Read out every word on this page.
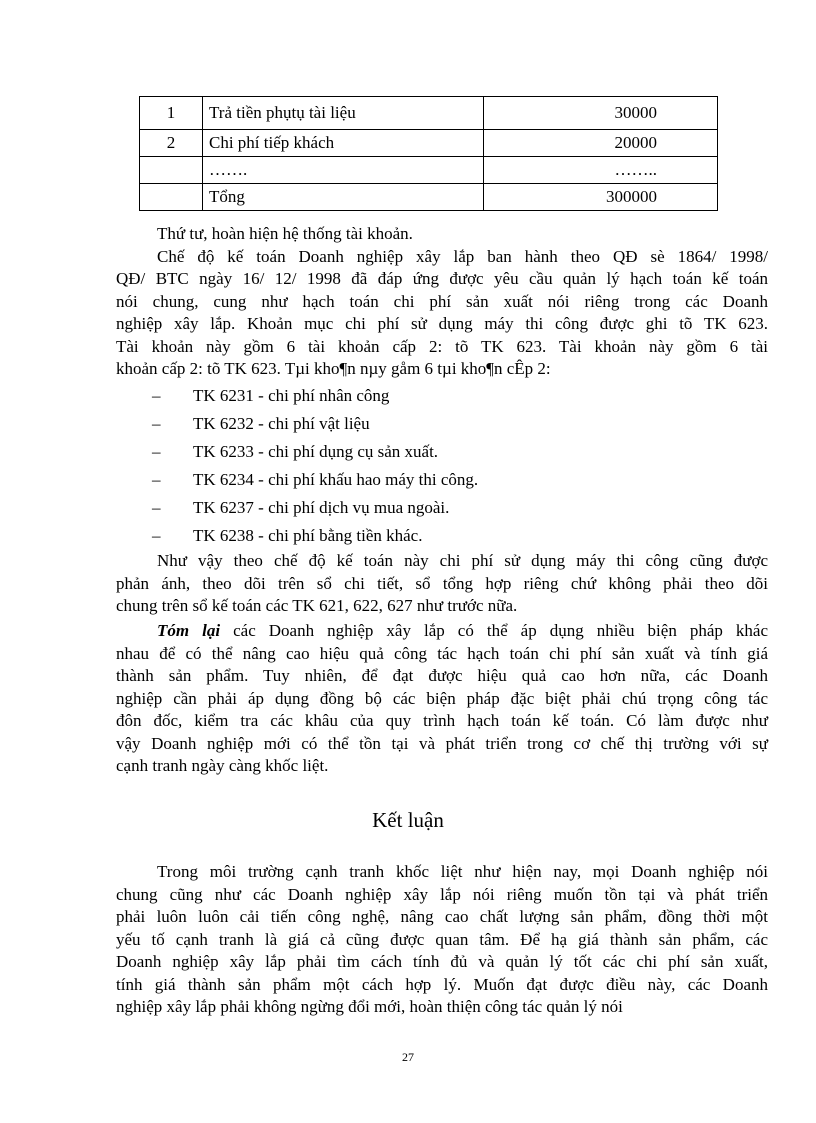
1	Trả tiền phụtụ tài liệu	30000
2	Chi phí tiếp khách	20000
	…….	……..
	Tổng	300000

Thứ tư, hoàn hiện hệ thống tài khoản.

Chế độ kế toán Doanh nghiệp xây lắp ban hành theo QĐ sè 1864/ 1998/

QĐ/ BTC ngày 16/ 12/ 1998 đã đáp ứng được yêu cầu quản lý hạch toán kế toán

nói chung, cung như hạch toán chi phí sản xuất nói riêng trong các Doanh

nghiệp xây lắp. Khoản mục chi phí sử dụng máy thi công được ghi tõ TK 623.

Tài khoản này gồm 6 tài khoản cấp 2: tõ TK 623. Tài khoản này gồm 6 tài

khoản cấp 2: tõ TK 623. Tµi kho¶n nµy gåm 6 tµi kho¶n cÊp 2:

– TK 6231 - chi phí nhân công
– TK 6232 - chi phí vật liệu
– TK 6233 - chi phí dụng cụ sản xuất.
– TK 6234 - chi phí khấu hao máy thi công.
– TK 6237 - chi phí dịch vụ mua ngoài.
– TK 6238 - chi phí bằng tiền khác.

Như vậy theo chế độ kế toán này chi phí sử dụng máy thi công cũng được

phản ánh, theo dõi trên sổ chi tiết, sổ tổng hợp riêng chứ không phải theo dõi

chung trên sổ kế toán các TK 621, 622, 627 như trước nữa.

Tóm lại các Doanh nghiệp xây lắp có thể áp dụng nhiều biện pháp khác

nhau để có thể nâng cao hiệu quả công tác hạch toán chi phí sản xuất và tính giá

thành sản phẩm. Tuy nhiên, để đạt được hiệu quả cao hơn nữa, các Doanh

nghiệp cần phải áp dụng đồng bộ các biện pháp đặc biệt phải chú trọng công tác

đôn đốc, kiểm tra các khâu của quy trình hạch toán kế toán. Có làm được như

vậy Doanh nghiệp mới có thể tồn tại và phát triển trong cơ chế thị trường với sự

cạnh tranh ngày càng khốc liệt.

Kết luận

Trong môi trường cạnh tranh khốc liệt như hiện nay, mọi Doanh nghiệp nói

chung cũng như các Doanh nghiệp xây lắp nói riêng muốn tồn tại và phát triển

phải luôn luôn cải tiến công nghệ, nâng cao chất lượng sản phẩm, đồng thời một

yếu tố cạnh tranh là giá cả cũng được quan tâm. Để hạ giá thành sản phẩm, các

Doanh nghiệp xây lắp phải tìm cách tính đủ và quản lý tốt các chi phí sản xuất,

tính giá thành sản phẩm một cách hợp lý. Muốn đạt được điều này, các Doanh

nghiệp xây lắp phải không ngừng đổi mới, hoàn thiện công tác quản lý nói

27
